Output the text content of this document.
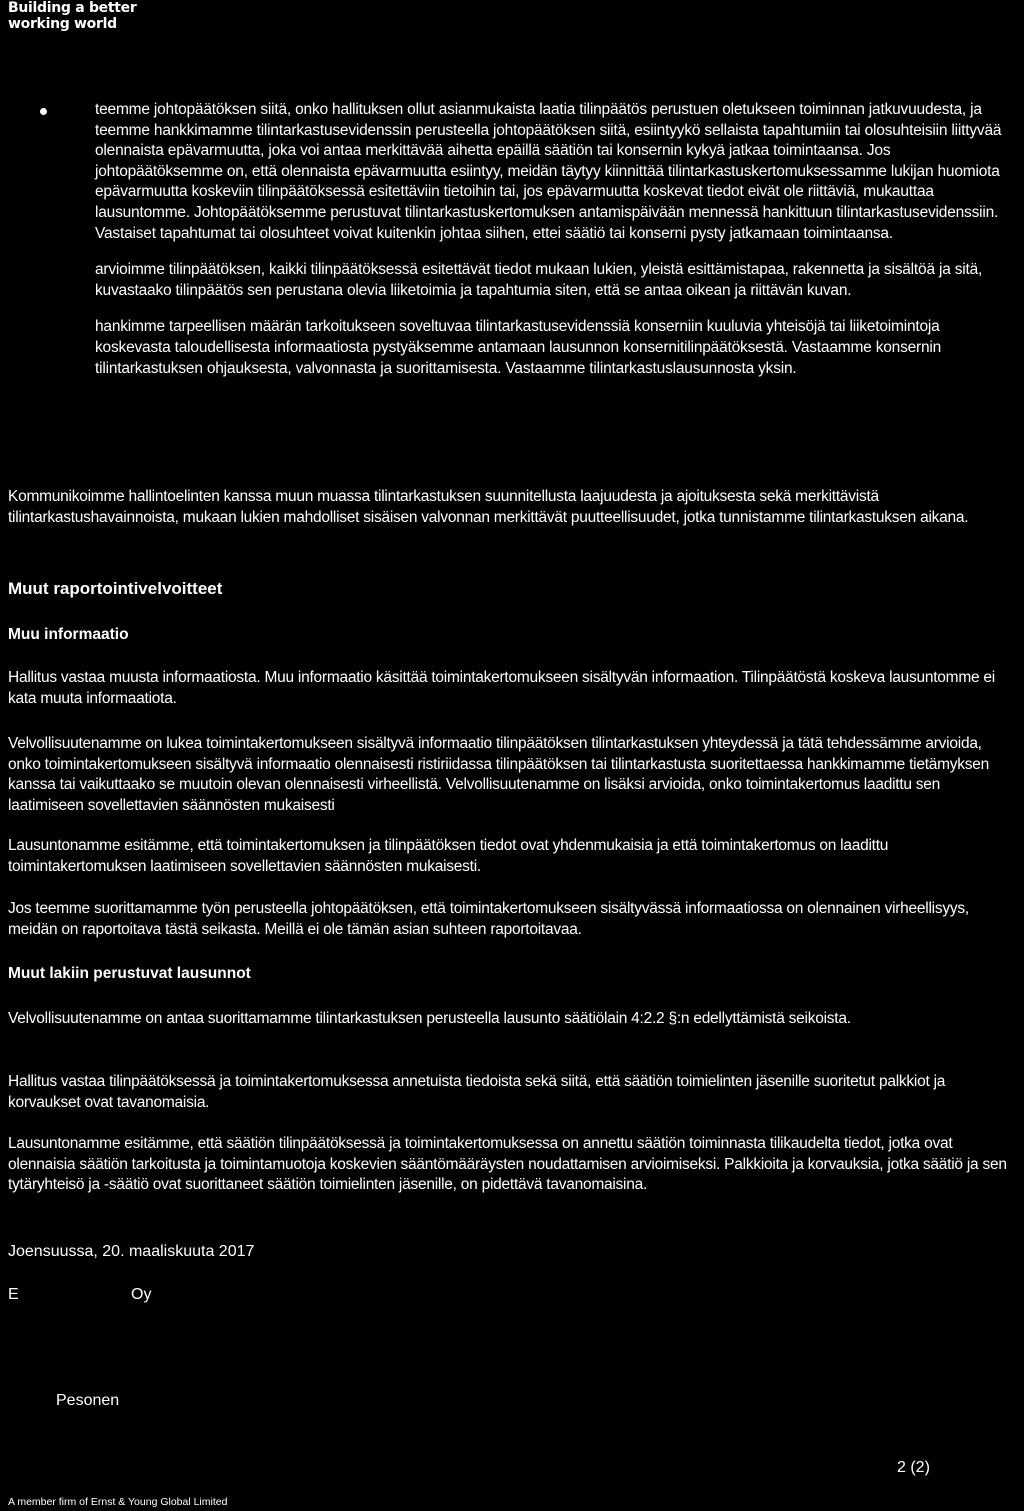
Building a better
working world

teemme johtopäätöksen siitä, onko hallituksen ollut asianmukaista laatia tilinpäätös perustuen oletukseen toiminnan jatkuvuudesta, ja teemme hankkimamme tilintarkastusevidenssin perusteella johtopäätöksen siitä, esiintyykö sellaista tapahtumiin tai olosuhteisiin liittyvää olennaista epävarmuutta, joka voi antaa merkittävää aihetta epäillä säätiön tai konsernin kykyä jatkaa toimintaansa. Jos johtopäätöksemme on, että olennaista epävarmuutta esiintyy, meidän täytyy kiinnittää tilintarkastuskertomuksessamme lukijan huomiota epävarmuutta koskeviin tilinpäätöksessä esitettäviin tietoihin tai, jos epävarmuutta koskevat tiedot eivät ole riittäviä, mukauttaa lausuntomme. Johtopäätöksemme perustuvat tilintarkastuskertomuksen antamispäivään mennessä hankittuun tilintarkastusevidenssiin. Vastaiset tapahtumat tai olosuhteet voivat kuitenkin johtaa siihen, ettei säätiö tai konserni pysty jatkamaan toimintaansa.

arvioimme tilinpäätöksen, kaikki tilinpäätöksessä esitettävät tiedot mukaan lukien, yleistä esittämistapaa, rakennetta ja sisältöä ja sitä, kuvastaako tilinpäätös sen perustana olevia liiketoimia ja tapahtumia siten, että se antaa oikean ja riittävän kuvan.

hankimme tarpeellisen määrän tarkoitukseen soveltuvaa tilintarkastusevidenssiä konserniin kuuluvia yhteisöjä tai liiketoimintoja koskevasta taloudellisesta informaatiosta pystyäksemme antamaan lausunnon konsernitilinpäätöksestä. Vastaamme konsernin tilintarkastuksen ohjauksesta, valvonnasta ja suorittamisesta. Vastaamme tilintarkastuslausunnosta yksin.

Kommunikoimme hallintoelinten kanssa muun muassa tilintarkastuksen suunnitellusta laajuudesta ja ajoituksesta sekä merkittävistä tilintarkastushavainnoista, mukaan lukien mahdolliset sisäisen valvonnan merkittävät puutteellisuudet, jotka tunnistamme tilintarkastuksen aikana.

Muut raportointivelvoitteet
Muu informaatio

Hallitus vastaa muusta informaatiosta. Muu informaatio käsittää toimintakertomukseen sisältyvän informaation. Tilinpäätöstä koskeva lausuntomme ei kata muuta informaatiota.

Velvollisuutenamme on lukea toimintakertomukseen sisältyvä informaatio tilinpäätöksen tilintarkastuksen yhteydessä ja tätä tehdessämme arvioida, onko toimintakertomukseen sisältyvä informaatio olennaisesti ristiriidassa tilinpäätöksen tai tilintarkastusta suoritettaessa hankkimamme tietämyksen kanssa tai vaikuttaako se muutoin olevan olennaisesti virheellistä. Velvollisuutenamme on lisäksi arvioida, onko toimintakertomus laadittu sen laatimiseen sovellettavien säännösten mukaisesti

Lausuntonamme esitämme, että toimintakertomuksen ja tilinpäätöksen tiedot ovat yhdenmukaisia ja että toimintakertomus on laadittu toimintakertomuksen laatimiseen sovellettavien säännösten mukaisesti.

Jos teemme suorittamamme työn perusteella johtopäätöksen, että toimintakertomukseen sisältyvässä informaatiossa on olennainen virheellisyys, meidän on raportoitava tästä seikasta. Meillä ei ole tämän asian suhteen raportoitavaa.

Muut lakiin perustuvat lausunnot

Velvollisuutenamme on antaa suorittamamme tilintarkastuksen perusteella lausunto säätiölain 4:2.2 §:n edellyttämistä seikoista.

Hallitus vastaa tilinpäätöksessä ja toimintakertomuksessa annetuista tiedoista sekä siitä, että säätiön toimielinten jäsenille suoritetut palkkiot ja korvaukset ovat tavanomaisia.

Lausuntonamme esitämme, että säätiön tilinpäätöksessä ja toimintakertomuksessa on annettu säätiön toiminnasta tilikaudelta tiedot, jotka ovat olennaisia säätiön tarkoitusta ja toimintamuotoja koskevien sääntömääräysten noudattamisen arvioimiseksi. Palkkioita ja korvauksia, jotka säätiö ja sen tytäryhteisö ja -säätiö ovat suorittaneet säätiön toimielinten jäsenille, on pidettävä tavanomaisina.

Joensuussa, 20. maaliskuuta 2017
E	Oy
Pesonen
2 (2)
A member firm of Ernst & Young Global Limited
